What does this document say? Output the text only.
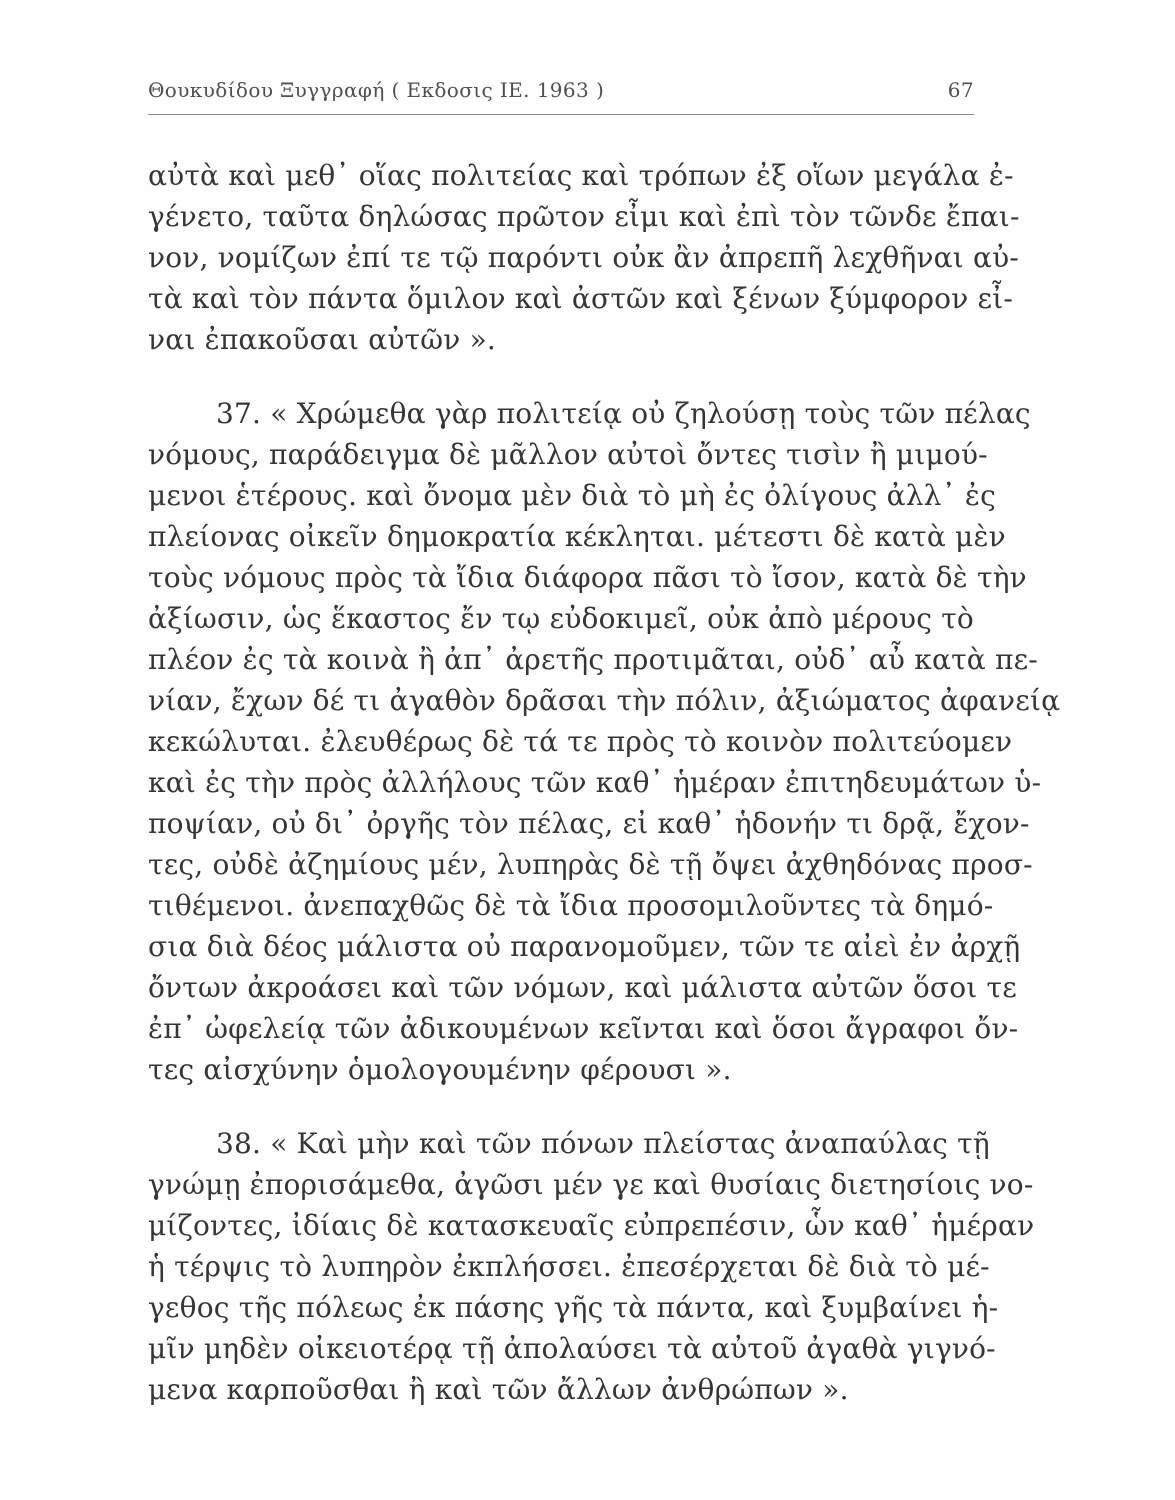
Θουκυδίδου Ξυγγραφή ( Εκδοσις ΙΕ. 1963 )	67
αὐτὰ καὶ μεθ᾽ οἵας πολιτείας καὶ τρόπων ἐξ οἵων μεγάλα ἐ-
γένετο, ταῦτα δηλώσας πρῶτον εἶμι καὶ ἐπὶ τὸν τῶνδε ἔπαι-
νον, νομίζων ἐπί τε τῷ παρόντι οὐκ ἂν ἀπρεπῆ λεχθῆναι αὐ-
τὰ καὶ τὸν πάντα ὅμιλον καὶ ἀστῶν καὶ ξένων ξύμφορον εἶ-
ναι ἐπακοῦσαι αὐτῶν ».
37. « Χρώμεθα γὰρ πολιτείᾳ οὐ ζηλούσῃ τοὺς τῶν πέλας
νόμους, παράδειγμα δὲ μᾶλλον αὐτοὶ ὄντες τισὶν ἢ μιμού-
μενοι ἑτέρους. καὶ ὄνομα μὲν διὰ τὸ μὴ ἐς ὀλίγους ἀλλ᾽ ἐς
πλείονας οἰκεῖν δημοκρατία κέκληται. μέτεστι δὲ κατὰ μὲν
τοὺς νόμους πρὸς τὰ ἴδια διάφορα πᾶσι τὸ ἴσον, κατὰ δὲ τὴν
ἀξίωσιν, ὡς ἕκαστος ἔν τῳ εὐδοκιμεῖ, οὐκ ἀπὸ μέρους τὸ
πλέον ἐς τὰ κοινὰ ἢ ἀπ᾽ ἀρετῆς προτιμᾶται, οὐδ᾽ αὖ κατὰ πε-
νίαν, ἔχων δέ τι ἀγαθὸν δρᾶσαι τὴν πόλιν, ἀξιώματος ἀφανείᾳ
κεκώλυται. ἐλευθέρως δὲ τά τε πρὸς τὸ κοινὸν πολιτεύομεν
καὶ ἐς τὴν πρὸς ἀλλήλους τῶν καθ᾽ ἡμέραν ἐπιτηδευμάτων ὑ-
ποψίαν, οὐ δι᾽ ὀργῆς τὸν πέλας, εἰ καθ᾽ ἡδονήν τι δρᾷ, ἔχον-
τες, οὐδὲ ἀζημίους μέν, λυπηρὰς δὲ τῇ ὄψει ἀχθηδόνας προσ-
τιθέμενοι. ἀνεπαχθῶς δὲ τὰ ἴδια προσομιλοῦντες τὰ δημό-
σια διὰ δέος μάλιστα οὐ παρανομοῦμεν, τῶν τε αἰεὶ ἐν ἀρχῇ
ὄντων ἀκροάσει καὶ τῶν νόμων, καὶ μάλιστα αὐτῶν ὅσοι τε
ἐπ᾽ ὠφελείᾳ τῶν ἀδικουμένων κεῖνται καὶ ὅσοι ἄγραφοι ὄν-
τες αἰσχύνην ὁμολογουμένην φέρουσι ».
38. « Καὶ μὴν καὶ τῶν πόνων πλείστας ἀναπαύλας τῇ
γνώμῃ ἐπορισάμεθα, ἀγῶσι μέν γε καὶ θυσίαις διετησίοις νο-
μίζοντες, ἰδίαις δὲ κατασκευαῖς εὐπρεπέσιν, ὧν καθ᾽ ἡμέραν
ἡ τέρψις τὸ λυπηρὸν ἐκπλήσσει. ἐπεσέρχεται δὲ διὰ τὸ μέ-
γεθος τῆς πόλεως ἐκ πάσης γῆς τὰ πάντα, καὶ ξυμβαίνει ἡ-
μῖν μηδὲν οἰκειοτέρᾳ τῇ ἀπολαύσει τὰ αὐτοῦ ἀγαθὰ γιγνό-
μενα καρποῦσθαι ἢ καὶ τῶν ἄλλων ἀνθρώπων ».
